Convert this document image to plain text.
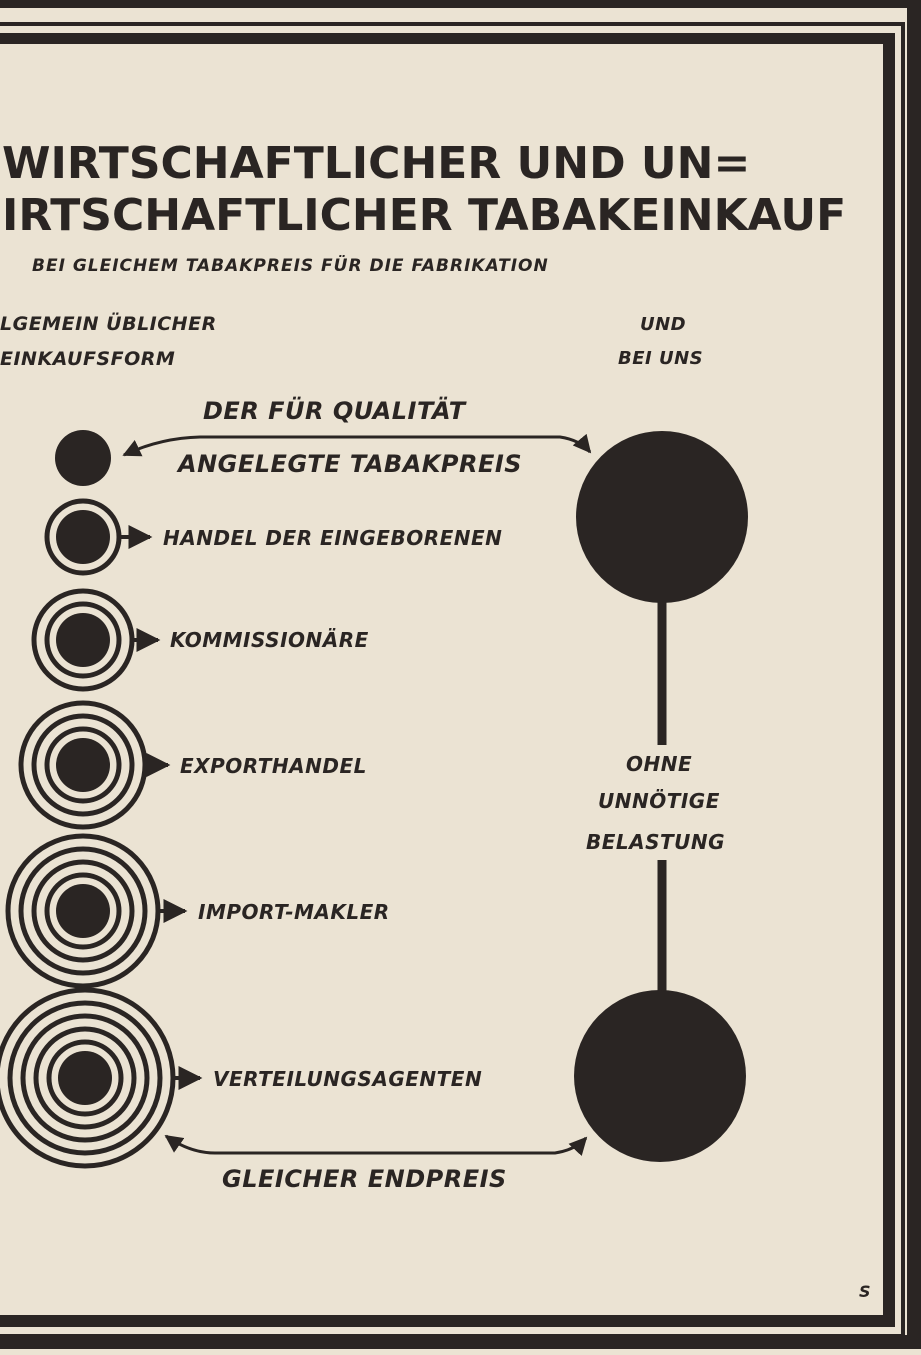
WIRTSCHAFTLICHER UND UN=
IRTSCHAFTLICHER TABAKEINKAUF
BEI GLEICHEM TABAKPREIS FÜR DIE FABRIKATION
LGEMEIN ÜBLICHER
EINKAUFSFORM
UND
BEI UNS
DER FÜR QUALITÄT
ANGELEGTE TABAKPREIS
HANDEL DER EINGEBORENEN
KOMMISSIONÄRE
EXPORTHANDEL
IMPORT-MAKLER
VERTEILUNGSAGENTEN
OHNE
UNNÖTIGE
BELASTUNG
GLEICHER ENDPREIS
S
